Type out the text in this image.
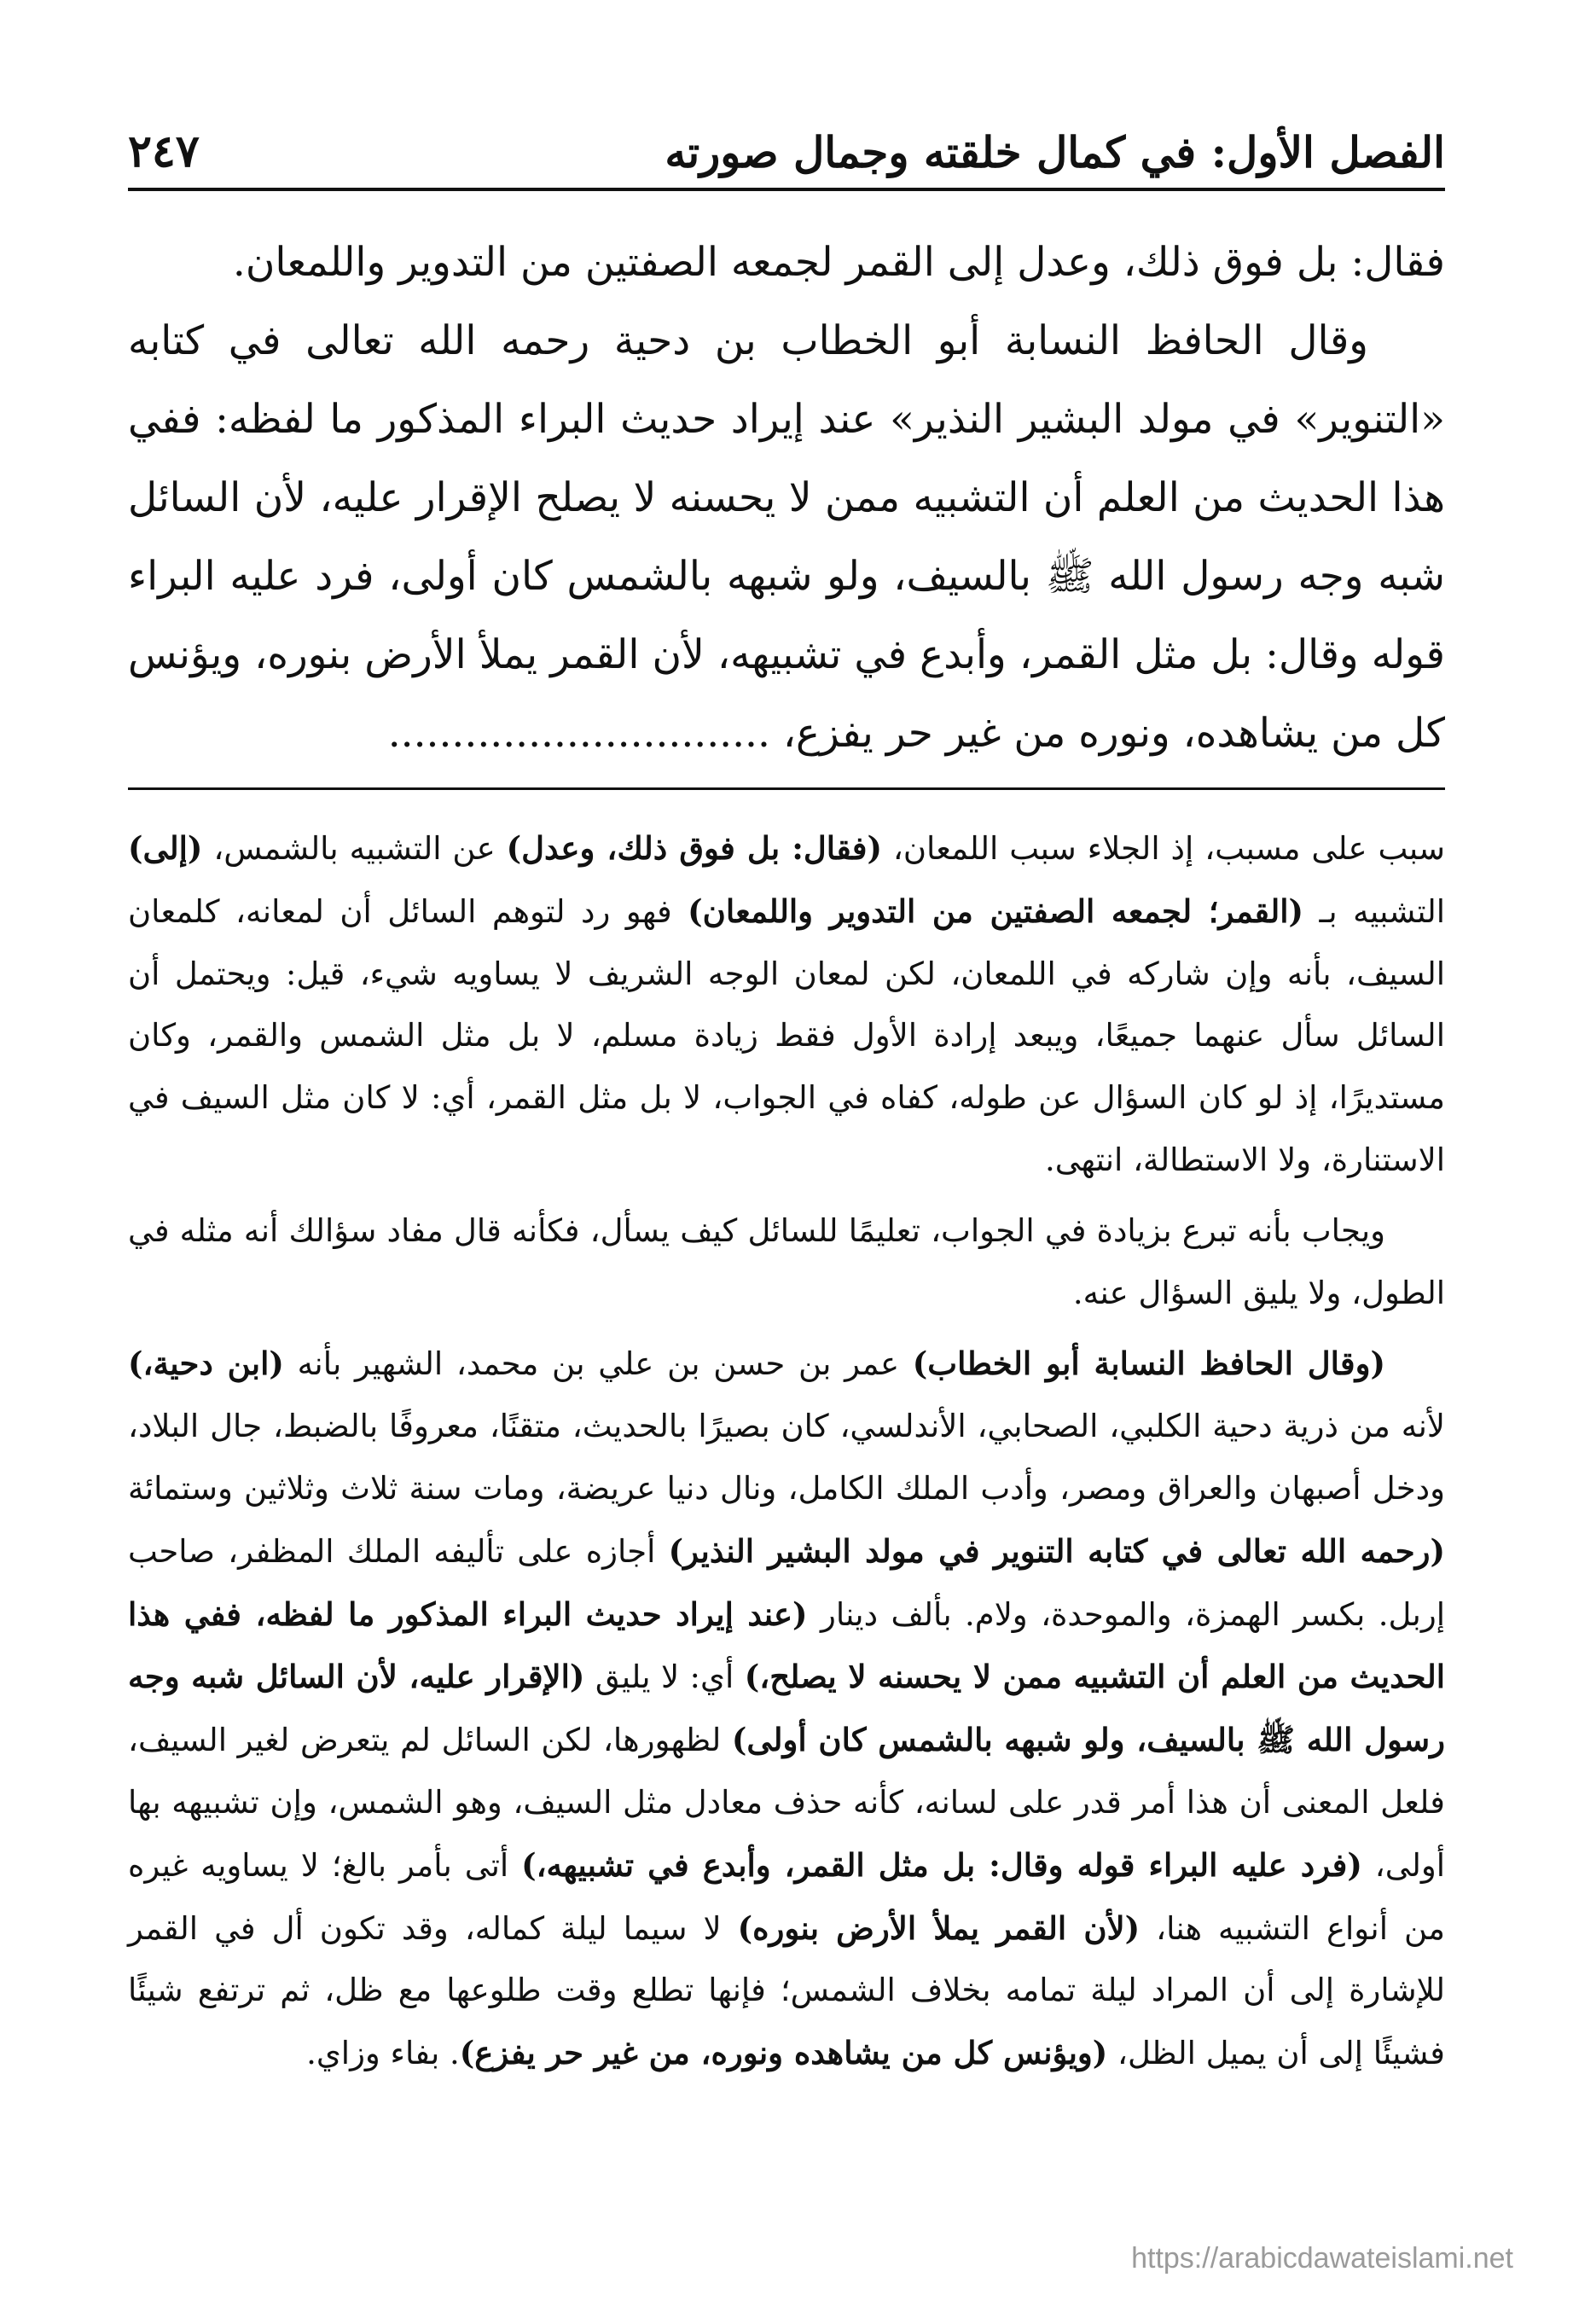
الفصل الأول: في كمال خلقته وجمال صورته
٢٤٧

فقال: بل فوق ذلك، وعدل إلى القمر لجمعه الصفتين من التدوير واللمعان.

وقال الحافظ النسابة أبو الخطاب بن دحية رحمه الله تعالى في كتابه «التنوير» في مولد البشير النذير» عند إيراد حديث البراء المذكور ما لفظه: ففي هذا الحديث من العلم أن التشبيه ممن لا يحسنه لا يصلح الإقرار عليه، لأن السائل شبه وجه رسول الله ﷺ بالسيف، ولو شبهه بالشمس كان أولى، فرد عليه البراء قوله وقال: بل مثل القمر، وأبدع في تشبيهه، لأن القمر يملأ الأرض بنوره، ويؤنس كل من يشاهده، ونوره من غير حر يفزع، ..............................

سبب على مسبب، إذ الجلاء سبب اللمعان، (فقال: بل فوق ذلك، وعدل) عن التشبيه بالشمس، (إلى) التشبيه بـ (القمر؛ لجمعه الصفتين من التدوير واللمعان) فهو رد لتوهم السائل أن لمعانه، كلمعان السيف، بأنه وإن شاركه في اللمعان، لكن لمعان الوجه الشريف لا يساويه شيء، قيل: ويحتمل أن السائل سأل عنهما جميعًا، ويبعد إرادة الأول فقط زيادة مسلم، لا بل مثل الشمس والقمر، وكان مستديرًا، إذ لو كان السؤال عن طوله، كفاه في الجواب، لا بل مثل القمر، أي: لا كان مثل السيف في الاستنارة، ولا الاستطالة، انتهى.

ويجاب بأنه تبرع بزيادة في الجواب، تعليمًا للسائل كيف يسأل، فكأنه قال مفاد سؤالك أنه مثله في الطول، ولا يليق السؤال عنه.

(وقال الحافظ النسابة أبو الخطاب) عمر بن حسن بن علي بن محمد، الشهير بأنه (ابن دحية،) لأنه من ذرية دحية الكلبي، الصحابي، الأندلسي، كان بصيرًا بالحديث، متقنًا، معروفًا بالضبط، جال البلاد، ودخل أصبهان والعراق ومصر، وأدب الملك الكامل، ونال دنيا عريضة، ومات سنة ثلاث وثلاثين وستمائة (رحمه الله تعالى في كتابه التنوير في مولد البشير النذير) أجازه على تأليفه الملك المظفر، صاحب إربل. بكسر الهمزة، والموحدة، ولام. بألف دينار (عند إيراد حديث البراء المذكور ما لفظه، ففي هذا الحديث من العلم أن التشبيه ممن لا يحسنه لا يصلح،) أي: لا يليق (الإقرار عليه، لأن السائل شبه وجه رسول الله ﷺ بالسيف، ولو شبهه بالشمس كان أولى) لظهورها، لكن السائل لم يتعرض لغير السيف، فلعل المعنى أن هذا أمر قدر على لسانه، كأنه حذف معادل مثل السيف، وهو الشمس، وإن تشبيهه بها أولى، (فرد عليه البراء قوله وقال: بل مثل القمر، وأبدع في تشبيهه،) أتى بأمر بالغ؛ لا يساويه غيره من أنواع التشبيه هنا، (لأن القمر يملأ الأرض بنوره) لا سيما ليلة كماله، وقد تكون أل في القمر للإشارة إلى أن المراد ليلة تمامه بخلاف الشمس؛ فإنها تطلع وقت طلوعها مع ظل، ثم ترتفع شيئًا فشيئًا إلى أن يميل الظل، (ويؤنس كل من يشاهده ونوره، من غير حر يفزع). بفاء وزاي.

https://arabicdawateislami.net
